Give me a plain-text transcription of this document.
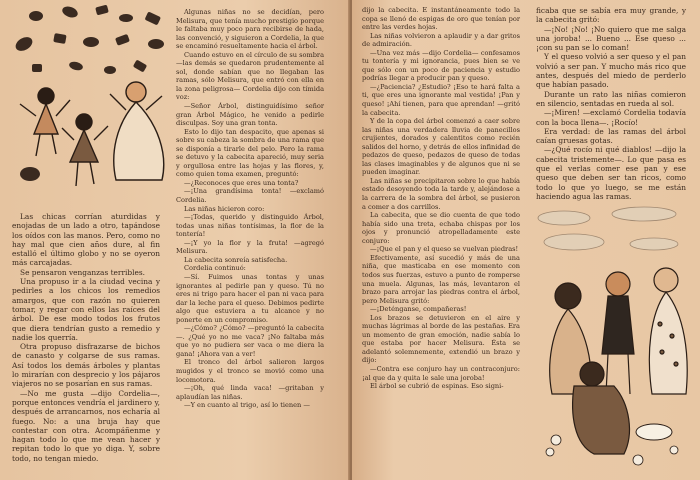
Las chicas corrían aturdidas y enojadas de un lado a otro, tapándose los oídos con las manos. Pero, como no hay mal que cien años dure, al fin estalló el último globo y no se oyeron más carcajadas.

Se pensaron venganzas terribles.

Una propuso ir a la ciudad vecina y pedirles a los chicos los remedios amargos, que con razón no quieren tomar, y regar con ellos las raíces del árbol. De ese modo todos los frutos que diera tendrían gusto a remedio y nadie los querría.

Otra propuso disfrazarse de bichos de canasto y colgarse de sus ramas. Así todos los demás árboles y plantas lo mirarían con desprecio y los pájaros viajeros no se posarían en sus ramas.

—No me gusta —dijo Cordelia—, porque entonces vendría el jardinero y, después de arrancarnos, nos echaría al fuego. No: a una bruja hay que contestar con otra. Acompáñenme y hagan todo lo que me vean hacer y repitan todo lo que yo diga. Y, sobre todo, no tengan miedo.

Algunas niñas no se decidían, pero Melisura, que tenía mucho prestigio porque le faltaba muy poco para recibirse de hada, las convenció, y siguieron a Cordelia, la que se encaminó resueltamente hacia el árbol.

Cuando estuvo en el círculo de su sombra —las demás se quedaron prudentemente al sol, donde sabían que no llegaban las ramas, sólo Melisura, que entró con ella en la zona peligrosa— Cordelia dijo con tímida voz:

—Señor Árbol, distinguidísimo señor gran Árbol Mágico, he venido a pedirle disculpas. Soy una gran tonta.

Esto lo dijo tan despacito, que apenas si sobre su cabeza la sombra de una rama que se disponía a tirarle del pelo. Pero la rama se detuvo y la cabecita apareció, muy seria y orgullosa entre las hojas y las flores, y, como quien toma examen, preguntó:

—¿Reconoces que eres una tonta?

—¡Una grandísima tonta! —exclamó Cordelia.

Las niñas hicieron coro:

—¡Todas, querido y distinguido Árbol, todas unas niñas tontísimas, la flor de la tontería!

—¡Y yo la flor y la fruta! —agregó Melisura.

La cabecita sonreía satisfecha.

Cordelia continuó:

—Sí. Fuimos unas tontas y unas ignorantes al pedirle pan y queso. Tú no eres ni trigo para hacer el pan ni vaca para dar la leche para el queso. Debimos pedirte algo que estuviera a tu alcance y no ponerte en un compromiso.

—¿Cómo? ¿Cómo? —preguntó la cabecita—. ¿Qué yo no me vaca? ¡No faltaba más que yo no pudiera ser vaca o me diera la gana! ¡Ahora van a ver!

El tronco del árbol salieron largos mugidos y el tronco se movió como una locomotora.

—¡Oh, qué linda vaca! —gritaban y aplaudían las niñas.

—Y en cuanto al trigo, así lo tienen —

dijo la cabecita. E instantáneamente todo la copa se llenó de espigas de oro que tenían por entre las verdes hojas.

Las niñas volvieron a aplaudir y a dar gritos de admiración.

—Una vez más —dijo Cordelia— confesamos tu tontería y mi ignorancia, pues bien se ve que sólo con un poco de paciencia y estudio podrías llegar a producir pan y queso.

—¿Paciencia? ¿Estudio? ¡Eso te hará falta a ti, que eres una ignorante mal vestida! ¡Pan y queso! ¡Ahí tienen, para que aprendan! —gritó la cabecita.

Y de la copa del árbol comenzó a caer sobre las niñas una verdadera lluvia de panecillos crujientes, dorados y calentitos como recién salidos del horno, y detrás de ellos infinidad de pedazos de queso, pedazos de queso de todas las clases imaginables y de algunos que ni se pueden imaginar.

Las niñas se precipitaron sobre lo que había estado desoyendo toda la tarde y, alejándose a la carrera de la sombra del árbol, se pusieron a comer a dos carrillos.

La cabecita, que se dio cuenta de que todo había sido una treta, echaba chispas por los ojos y pronunció atropelladamente este conjuro:

—¡Que el pan y el queso se vuelvan piedras!

Efectivamente, así sucedió y más de una niña, que masticaba en ese momento con todos sus fuerzas, estuvo a punto de romperse una muela. Algunas, las más, levantaron el brazo para arrojar las piedras contra el árbol, pero Melisura gritó:

—¡Deténganse, compañeras!

Los brazos se detuvieron en el aire y muchas lágrimas al borde de las pestañas. Era un momento de gran emoción, nadie sabía lo que estaba por hacer Melisura. Ésta se adelantó solemnemente, extendió un brazo y dijo:

—Contra ese conjuro hay un contraconjuro: ¡al que da y quita le sale una joroba!

El árbol se cubrió de espinas. Eso signi-

ficaba que se sabía era muy grande, y la cabecita gritó:

—¡No! ¡No! ¡No quiero que me salga una joroba! ... Bueno ... Ese queso ... ¡con su pan se lo coman!

Y el queso volvió a ser queso y el pan volvió a ser pan. Y mucho más rico que antes, después del miedo de perderlo que habían pasado.

Durante un rato las niñas comieron en silencio, sentadas en rueda al sol.

—¡Miren! —exclamó Cordelia todavía con la boca llena—. ¡Rocío!

Era verdad: de las ramas del árbol caían gruesas gotas.

—¿Qué rocío ni qué diablos! —dijo la cabecita tristemente—. Lo que pasa es que el verlas comer ese pan y ese queso que deben ser tan ricos, como todo lo que yo luego, se me están haciendo agua las ramas.
